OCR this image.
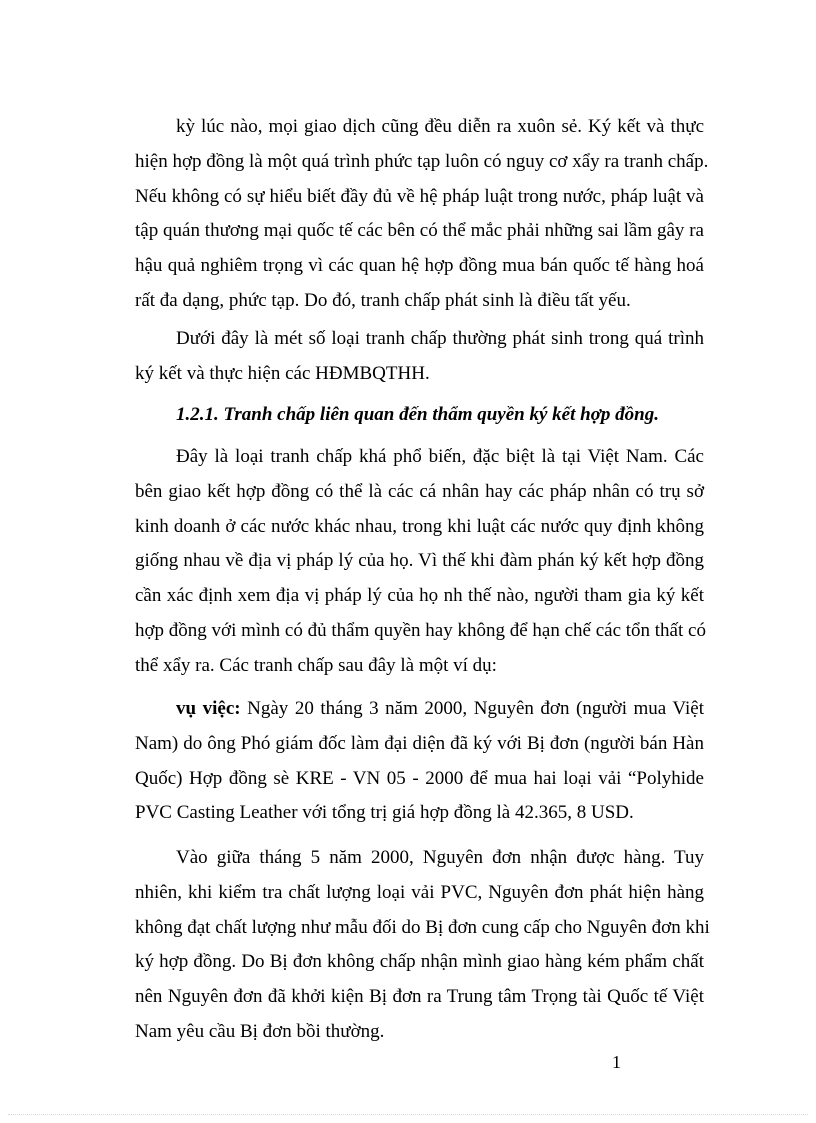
kỳ lúc nào, mọi giao dịch cũng đều diễn ra xuôn sẻ. Ký kết và thực
hiện hợp đồng là một quá trình phức tạp luôn có nguy cơ xẩy ra tranh chấp.
Nếu không có sự hiểu biết đầy đủ về hệ pháp luật trong nước, pháp luật và
tập quán thương mại quốc tế các bên có thể mắc phải những sai lầm gây ra
hậu quả nghiêm trọng vì các quan hệ hợp đồng mua bán quốc tế hàng hoá
rất đa dạng, phức tạp. Do đó, tranh chấp phát sinh là điều tất yếu.
Dưới đây là mét số loại tranh chấp thường phát sinh trong quá trình
ký kết và thực hiện các HĐMBQTHH.

1.2.1. Tranh chấp liên quan đến thẩm quyền ký kết hợp đồng.

Đây là loại tranh chấp khá phổ biến, đặc biệt là tại Việt Nam. Các
bên giao kết hợp đồng có thể là các cá nhân hay các pháp nhân có trụ sở
kinh doanh ở các nước khác nhau, trong khi luật các nước quy định không
giống nhau về địa vị pháp lý của họ. Vì thế khi đàm phán ký kết hợp đồng
cần xác định xem địa vị pháp lý của họ nh thế nào, người tham gia ký kết
hợp đồng với mình có đủ thẩm quyền hay không để hạn chế các tổn thất có
thể xẩy ra. Các tranh chấp sau đây là một ví dụ:
vụ việc: Ngày 20 tháng 3 năm 2000, Nguyên đơn (người mua Việt
Nam) do ông Phó giám đốc làm đại diện đã ký với Bị đơn (người bán Hàn
Quốc) Hợp đồng sè KRE - VN 05 - 2000 để mua hai loại vải “Polyhide
PVC Casting Leather với tổng trị giá hợp đồng là 42.365, 8 USD.
Vào giữa tháng 5 năm 2000, Nguyên đơn nhận được hàng. Tuy
nhiên, khi kiểm tra chất lượng loại vải PVC, Nguyên đơn phát hiện hàng
không đạt chất lượng như mẫu đối do Bị đơn cung cấp cho Nguyên đơn khi
ký hợp đồng. Do Bị đơn không chấp nhận mình giao hàng kém phẩm chất
nên Nguyên đơn đã khởi kiện Bị đơn ra Trung tâm Trọng tài Quốc tế Việt
Nam yêu cầu Bị đơn bồi thường.
1
